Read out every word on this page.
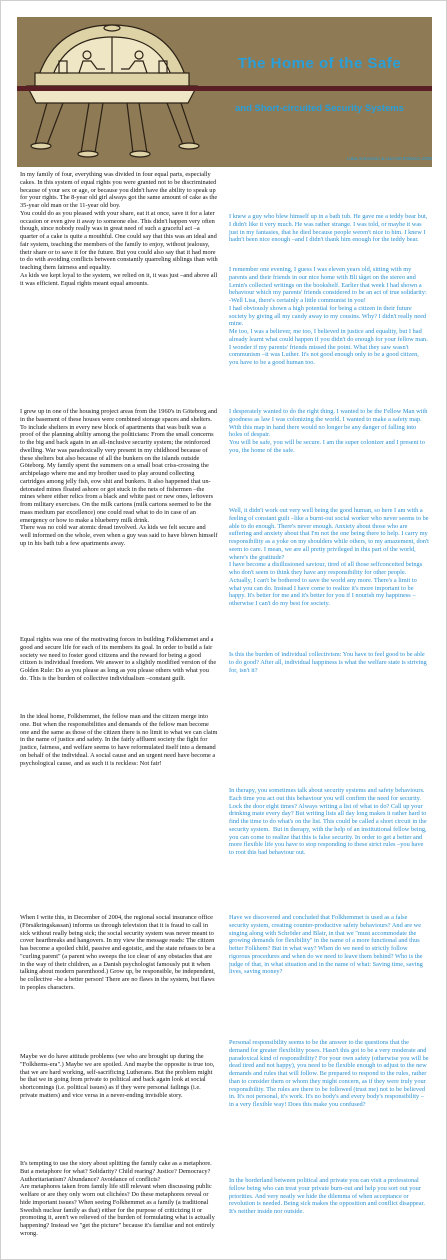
The Home of the Safe
and Short-circuited Security Systems
Lotta Antonsson & Lise-lott Eriksson 2005

In my family of four, everything was divided in four equal parts, especially cakes. In this system of equal rights you were granted not to be discriminated because of your sex or age, or because you didn't have the ability to speak up for your rights. The 8-year old girl always got the same amount of cake as the 35-year old man or the 11-year old boy.
You could do as you pleased with your share, eat it at once, save it for a later occasion or even give it away to someone else. This didn't happen very often though, since nobody really was in great need of such a graceful act –a quarter of a cake is quite a mouthful. One could say that this was an ideal and fair system, teaching the members of the family to enjoy, without jealousy, their share or to save it for the future. But you could also say that it had more to do with avoiding conflicts between constantly quarreling siblings than with teaching them fairness and equality.
As kids we kept loyal to the system, we relied on it, it was just –and above all it was efficient. Equal rights meant equal amounts.

I grew up in one of the housing project areas from the 1960's in Göteborg and in the basement of these houses were combined storage spaces and shelters. To include shelters in every new block of apartments that was built was a proof of the planning ability among the politicians: From the small concerns to the big and back again in an all-inclusive security system; the reinforced dwelling. War was paradoxically very present in my childhood because of these shelters but also because of all the bunkers on the islands outside Göteborg. My family spent the summers on a small boat criss-crossing the archipelago where me and my brother used to play around collecting cartridges among jelly fish, eow shit and bunkers. It also happened that un-detonated mines floated ashore or got stuck in the nets of fishermen –the mines where either relics from a black and white past or new ones, leftovers from military exercises. On the milk cartons (milk cartons seemed to be the mass medium par excellence) one could read what to do in case of an emergency or how to make a blueberry milk drink.
There was no cold war atomic dread involved. As kids we felt secure and well informed on the whole, even when a guy was said to have blown himself up in his bath tub a few apartments away.

Equal rights was one of the motivating forces in building Folkhemmet and a good and secure life for each of its members its goal. In order to build a fair society we need to foster good citizens and the reward for being a good citizen is individual freedom. We answer to a slightly modified version of the Golden Rule: Do as you please as long as you please others with what you do. This is the burden of collective individualism –constant guilt.

In the ideal home, Folkhemmet, the fellow man and the citizen merge into one. But when the responsibilities and demands of the fellow man become one and the same as those of the citizen there is no limit to what we can claim in the name of justice and safety. In the fairly affluent society the fight for justice, fairness, and welfare seems to have reformulated itself into a demand on behalf of the individual. A social cause and an urgent need have become a psychological cause, and as such it is reckless: Not fair!

When I write this, in December of 2004, the regional social insurance office (Försäkringskassan) informs us through television that it is fraud to call in sick without really being sick; the social security system was never meant to cover heartbreaks and hangovers. In my view the message reads: The citizen has become a spoiled child, passive and egoistic, and the state refuses to be a "curling parent" (a parent who sweeps the ice clear of any obstacles that are in the way of their children, as a Danish psychologist famously put it when talking about modern parenthood.) Grow up, be responsible, be independent, be collective –be a better person! There are no flaws in the system, but flaws in peoples characters.

Maybe we do have attitude problems (we who are brought up during the "Folkhems-era".) Maybe we are spoiled. And maybe the opposite is true too, that we are hard working, self-sacrificing Lutherans. But the problem might be that we in going from private to political and back again look at social shortcomings (i.e. political issues) as if they were personal failings (i.e. private matters) and vice versa in a never-ending invisible story.

It's tempting to use the story about splitting the family cake as a metaphore. But a metaphore for what? Solidarity? Child rearing? Justice? Democracy? Authoritarianism? Abundance? Avoidance of conflicts?
Are metaphores taken from family life still relevant when discussing public welfare or are they only worn out clichées? Do these metaphores reveal or hide important issues? When seeing Folkhemmet as a family (a traditional Swedish nuclear family as that) either for the purpose of criticizing it or promoting it, aren't we relieved of the burden of formulating what is actually happening? Instead we "get the picture" because it's familiar and not entirely wrong.

I knew a guy who blew himself up in a bath tub. He gave me a teddy bear but, I didn't like it very much. He was rather strange. I was told, or maybe it was just in my fantasies, that he died because people weren't nice to him. I knew I hadn't been nice enough –and I didn't thank him enough for the teddy bear.

I remember one evening, I guess I was eleven years old, sitting with my parents and their friends in our nice home with Bli tåget on the stereo and Lenin's collected writings on the bookshelf. Earlier that week I had shown a behaviour which my parents' friends considered to be an act of true solidarity:
-Well Lisa, there's certainly a little communist in you!
I had obviously shown a high potential for being a citizen in their future society by giving all my candy away to my cousins. Why? I didn't really need mine.
Me too, I was a believer, me too, I believed in justice and equality, but I had already learnt what could happen if you didn't do enough for your fellow man. I wonder if my parents' friends missed the point. What they saw wasn't communism –it was Luther. It's not good enough only to be a good citizen, you have to be a good human too.

I desperately wanted to do the right thing. I wanted to be the Fellow Man with goodness as law I was colonizing the world. I wanted to make a safety map. With this map in hand there would no longer be any danger of falling into holes of despair.
You will be safe, you will be secure. I am the super colonizer and I present to you, the home of the safe.

Well, it didn't work out very well being the good human, so here I am with a feeling of constant guilt –like a burnt-out social worker who never seems to be able to do enough. There's never enough. Anxiety about those who are suffering and anxiety about that I'm not the one being there to help. I carry my responsibility as a yoke on my shoulders while others, to my amazement, don't seem to care. I mean, we are all pretty privileged in this part of the world, where's the gratitude?
I have become a disillusioned saviour, tired of all those selfconceited beings who don't seem to think they have any responsibility for other people. Actually, I can't be bothered to save the world any more. There's a limit to what you can do. Instead I have come to realize it's more important to be happy. It's better for me and it's better for you if I nourish my happiness –otherwise I can't do my best for society.

Is this the burden of individual collectivism: You have to feel good to be able to do good? After all, individual happiness is what the welfare state is striving for, isn't it?

In therapy, you sometimes talk about security systems and safety behaviours. Each time you act out this behaviour you will confirm the need for security. Lock the door eight times? Always writing a list of what to do? Call up your drinking mate every day? But writing lists all day long makes it rather hard to find the time to do what's on the list. This could be called a short circuit in the security system.  But in therapy, with the help of an institutional fellow being, you can come to realize that this is false security. In order to get a better and more flexible life you have to stop responding to these strict rules –you have to root this bad behaviour out.

Have we discovered and concluded that Folkhemmet is used as a false security system, creating counter-productive safety behaviours? And are we singing along with Schröder and Blair, in that we "must accommodate the growing demands for flexibility" in the name of a more functional and thus better Folkhem? But in what way? When do we need to strictly follow rigorous procedures and when do we need to leave them behind? Who is the judge of that, in what situation and in the name of what: Saving time, saving lives, saving money?

Personal responsibility seems to be the answer to the questions that the demand for greater flexibility poses. Hasn't this got to be a very moderate and paradoxical kind of responsibility? For your own safety (otherwise you will be dead tired and not happy), you need to be flexible enough to adjust to the new demands and rules that will follow. Be prepared to respond to the rules, rather than to consider them or whom they might concern, as if they were truly your responsibility. The rules are there to be followed (trust me) not to be believed in. It's not personal, it's work. It's no body's and every body's responsibility – in a very flexible way! Does this make you confused?

In the borderland between political and private you can visit a professional fellow being who can treat your private burn-out and help you sort out your priorities. And very neatly we hide the dilemma of when acceptance or revolution is needed. Being sick makes the opposition and conflict disappear. It's neither inside nor outside.
